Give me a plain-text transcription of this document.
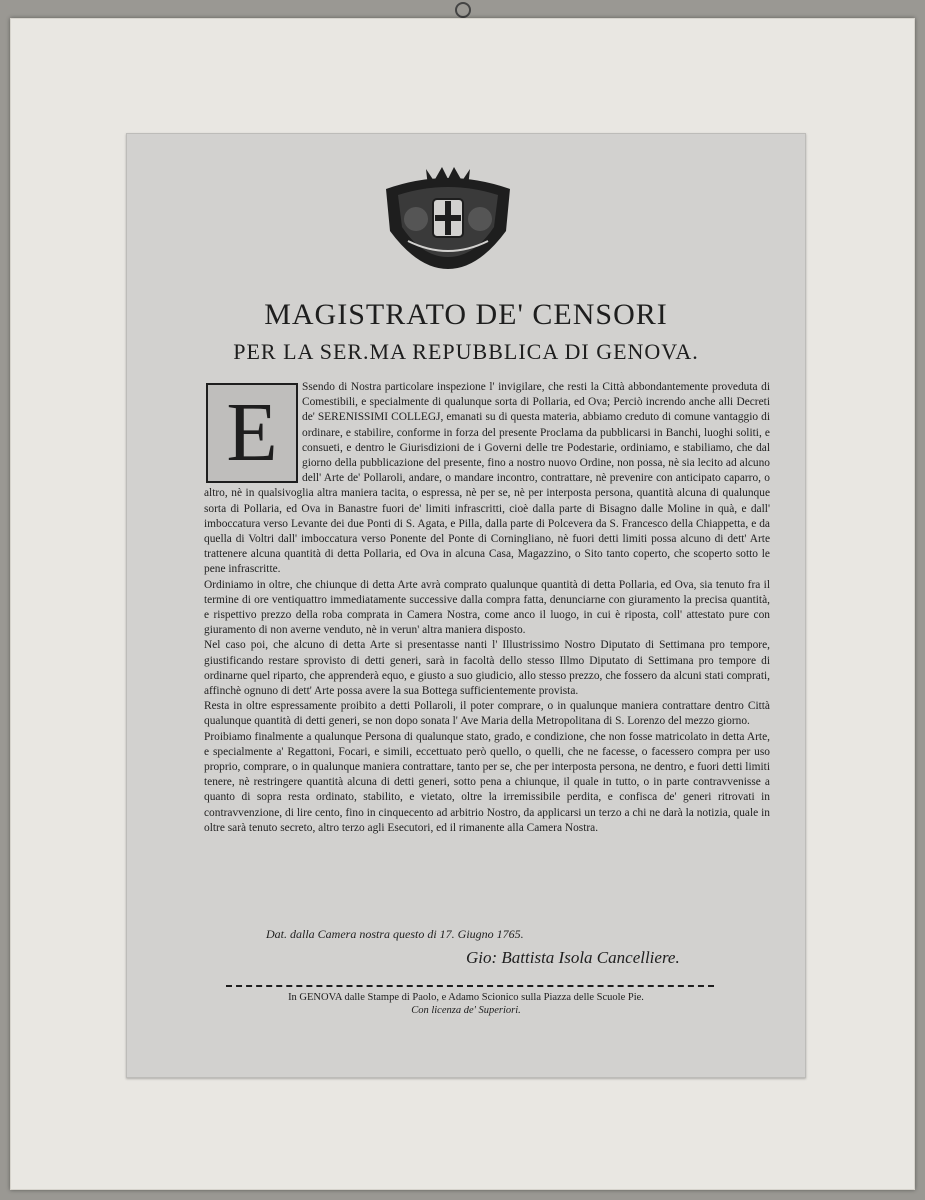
MAGISTRATO DE' CENSORI
PER LA SER.MA REPUBBLICA DI GENOVA.
E	Ssendo di Nostra particolare inspezione l' invigilare, che resti la Città abbondantemente proveduta di Comestibili, e specialmente di qualunque sorta di Pollaria, ed Ova; Perciò increndo anche alli Decreti de' SERENISSIMI COLLEGJ, emanati su di questa materia, abbiamo creduto di comune vantaggio di ordinare, e stabilire, conforme in forza del presente Proclama da pubblicarsi in Banchi, luoghi soliti, e consueti, e dentro le Giurisdizioni de i Governi delle tre Podestarie, ordiniamo, e stabiliamo, che dal giorno della pubblicazione del presente, fino a nostro nuovo Ordine, non possa, nè sia lecito ad alcuno dell' Arte de' Pollaroli, andare, o mandare incontro, contrattare, nè prevenire con anticipato caparro, o altro, nè in qualsivoglia altra maniera tacita, o espressa, nè per se, nè per interposta persona, quantità alcuna di qualunque sorta di Pollaria, ed Ova in Banastre fuori de' limiti infrascritti, cioè dalla parte di Bisagno dalle Moline in quà, e dall' imboccatura verso Levante dei due Ponti di S. Agata, e Pilla, dalla parte di Polcevera da S. Francesco della Chiappetta, e da quella di Voltri dall' imboccatura verso Ponente del Ponte di Corningliano, nè fuori detti limiti possa alcuno di dett' Arte trattenere alcuna quantità di detta Pollaria, ed Ova in alcuna Casa, Magazzino, o Sito tanto coperto, che scoperto sotto le pene infrascritte.

Ordiniamo in oltre, che chiunque di detta Arte avrà comprato qualunque quantità di detta Pollaria, ed Ova, sia tenuto fra il termine di ore ventiquattro immediatamente successive dalla compra fatta, denunciarne con giuramento la precisa quantità, e rispettivo prezzo della roba comprata in Camera Nostra, come anco il luogo, in cui è riposta, coll' attestato pure con giuramento di non averne venduto, nè in verun' altra maniera disposto.

Nel caso poi, che alcuno di detta Arte si presentasse nanti l' Illustrissimo Nostro Diputato di Settimana pro tempore, giustificando restare sprovisto di detti generi, sarà in facoltà dello stesso Illmo Diputato di Settimana pro tempore di ordinarne quel riparto, che apprenderà equo, e giusto a suo giudicio, allo stesso prezzo, che fossero da alcuni stati comprati, affinchè ognuno di dett' Arte possa avere la sua Bottega sufficientemente provista.

Resta in oltre espressamente proibito a detti Pollaroli, il poter comprare, o in qualunque maniera contrattare dentro Città qualunque quantità di detti generi, se non dopo sonata l' Ave Maria della Metropolitana di S. Lorenzo del mezzo giorno.

Proibiamo finalmente a qualunque Persona di qualunque stato, grado, e condizione, che non fosse matricolato in detta Arte, e specialmente a' Regattoni, Focari, e simili, eccettuato però quello, o quelli, che ne facesse, o facessero compra per uso proprio, comprare, o in qualunque maniera contrattare, tanto per se, che per interposta persona, ne dentro, e fuori detti limiti tenere, nè restringere quantità alcuna di detti generi, sotto pena a chiunque, il quale in tutto, o in parte contravvenisse a quanto di sopra resta ordinato, stabilito, e vietato, oltre la irremissibile perdita, e confisca de' generi ritrovati in contravvenzione, di lire cento, fino in cinquecento ad arbitrio Nostro, da applicarsi un terzo a chi ne darà la notizia, quale in oltre sarà tenuto secreto, altro terzo agli Esecutori, ed il rimanente alla Camera Nostra.

Dat. dalla Camera nostra questo di 17. Giugno 1765.
Gio: Battista Isola Cancelliere.
In GENOVA dalle Stampe di Paolo, e Adamo Scionico sulla Piazza delle Scuole Pie.
Con licenza de' Superiori.
